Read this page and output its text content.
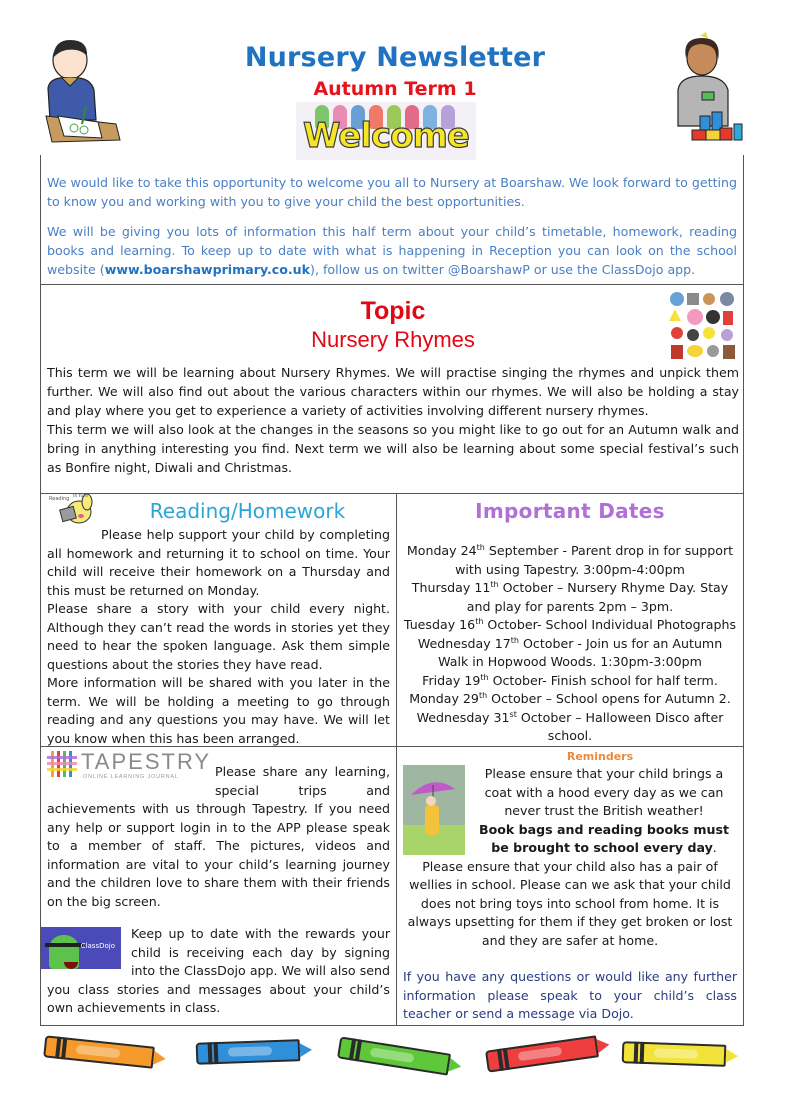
Nursery Newsletter
Autumn Term 1
Welcome

We would like to take this opportunity to welcome you all to Nursery at Boarshaw. We look forward to getting to know you and working with you to give your child the best opportunities.

We will be giving you lots of information this half term about your child’s timetable, homework, reading books and learning. To keep up to date with what is happening in Reception you can look on the school website (www.boarshawprimary.co.uk), follow us on twitter @BoarshawP or use the ClassDojo app.

Topic
Nursery Rhymes
This term we will be learning about Nursery Rhymes. We will practise singing the rhymes and unpick them further. We will also find out about the various characters within our rhymes. We will also be holding a stay and play where you get to experience a variety of activities involving different nursery rhymes.
This term we will also look at the changes in the seasons so you might like to go out for an Autumn walk and bring in anything interesting you find. Next term we will also be learning about some special festival’s such as Bonfire night, Diwali and Christmas.
Reading is fun!
Reading/Homework
Please help support your child by completing all homework and returning it to school on time. Your child will receive their homework on a Thursday and this must be returned on Monday.
Please share a story with your child every night. Although they can’t read the words in stories yet they need to hear the spoken language. Ask them simple questions about the stories they have read.
More information will be shared with you later in the term. We will be holding a meeting to go through reading and any questions you may have. We will let you know when this has been arranged.
Important Dates
Monday 24th September - Parent drop in for support with using Tapestry. 3:00pm-4:00pm
Thursday 11th October – Nursery Rhyme Day. Stay and play for parents 2pm – 3pm.
Tuesday 16th October- School Individual Photographs
Wednesday 17th October - Join us for an Autumn Walk in Hopwood Woods. 1:30pm-3:00pm
Friday 19th October- Finish school for half term.
Monday 29th October – School opens for Autumn 2.
Wednesday 31st October – Halloween Disco after school.
TAPESTRY
ONLINE LEARNING JOURNAL	Please share any learning, special trips and achievements with us through Tapestry. If you need any help or support login in to the APP please speak to a member of staff. The pictures, videos and information are vital to your child’s learning journey and the children love to share them with their friends on the big screen.
ClassDojo
Keep up to date with the rewards your child is receiving each day by signing into the ClassDojo app. We will also send you class stories and messages about your child’s own achievements in class.
Reminders
Please ensure that your child brings a coat with a hood every day as we can never trust the British weather!
Book bags and reading books must be brought to school every day.
Please ensure that your child also has a pair of wellies in school. Please can we ask that your child does not bring toys into school from home. It is always upsetting for them if they get broken or lost and they are safer at home.
If you have any questions or would like any further information please speak to your child’s class teacher or send a message via Dojo.
